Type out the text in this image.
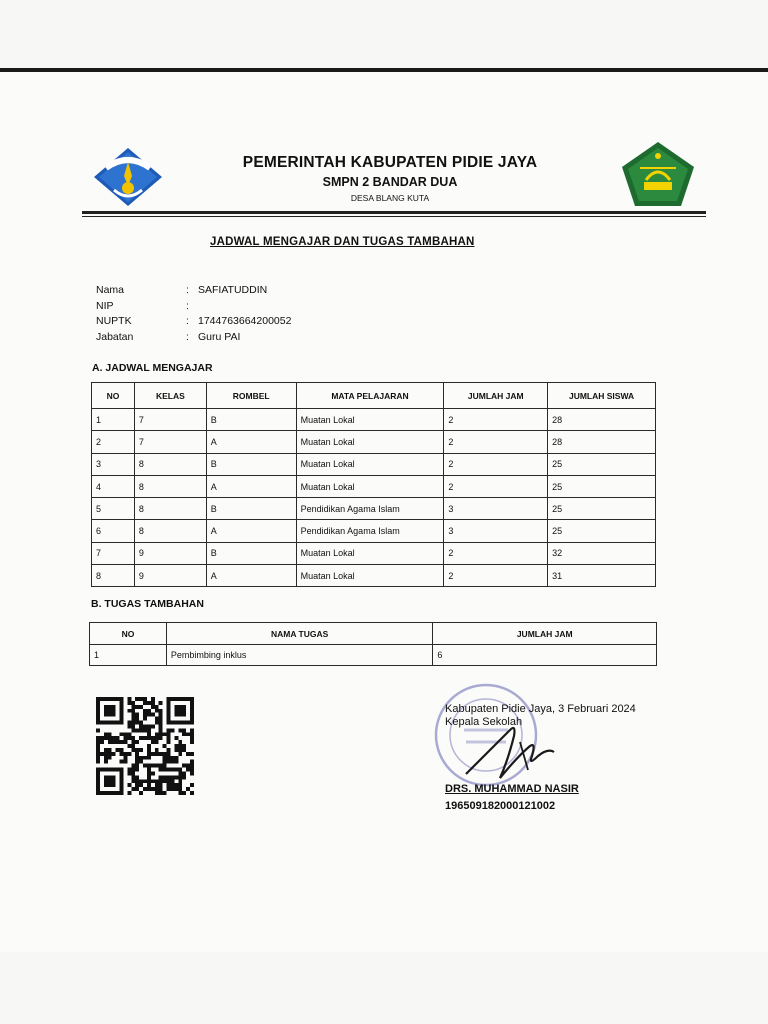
PEMERINTAH KABUPATEN PIDIE JAYA
SMPN 2 BANDAR DUA
DESA BLANG KUTA
JADWAL MENGAJAR DAN TUGAS TAMBAHAN
Nama	: SAFIATUDDIN
NIP	:
NUPTK	: 1744763664200052
Jabatan	: Guru PAI
A. JADWAL MENGAJAR
NO	KELAS	ROMBEL	MATA PELAJARAN	JUMLAH JAM	JUMLAH SISWA
1	7	B	Muatan Lokal	2	28
2	7	A	Muatan Lokal	2	28
3	8	B	Muatan Lokal	2	25
4	8	A	Muatan Lokal	2	25
5	8	B	Pendidikan Agama Islam	3	25
6	8	A	Pendidikan Agama Islam	3	25
7	9	B	Muatan Lokal	2	32
8	9	A	Muatan Lokal	2	31
B. TUGAS TAMBAHAN
NO	NAMA TUGAS	JUMLAH JAM
1	Pembimbing inklus	6
Kabupaten Pidie Jaya, 3 Februari 2024
Kepala Sekolah
DRS. MUHAMMAD NASIR
196509182000121002
